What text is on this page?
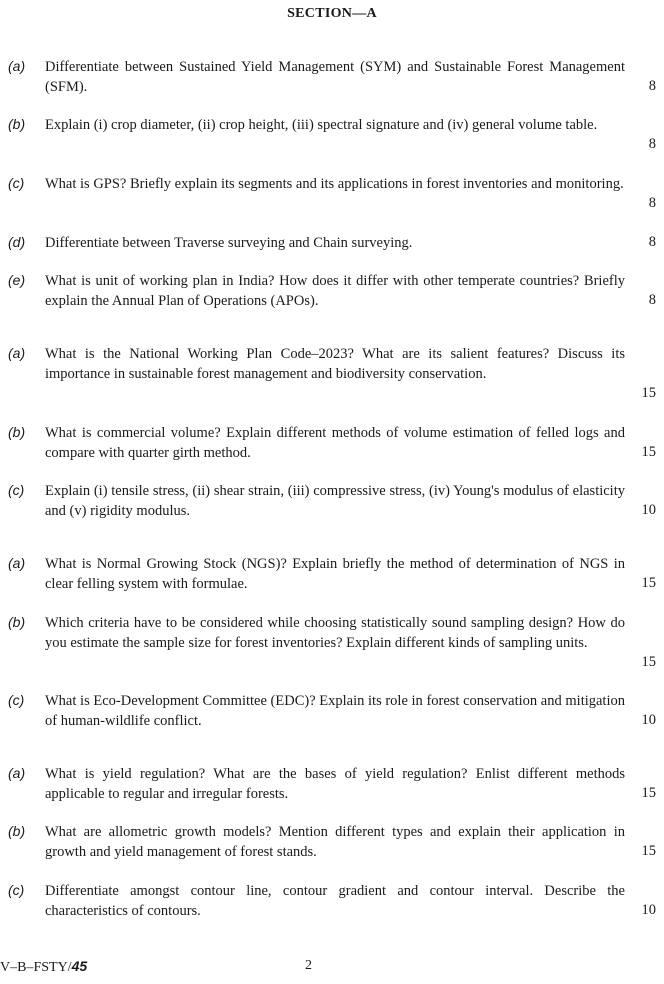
SECTION—A
(a) Differentiate between Sustained Yield Management (SYM) and Sustainable Forest Management (SFM).	8
(b) Explain (i) crop diameter, (ii) crop height, (iii) spectral signature and (iv) general volume table.
8
(c) What is GPS? Briefly explain its segments and its applications in forest inventories and monitoring.
8
(d) Differentiate between Traverse surveying and Chain surveying.	8
(e) What is unit of working plan in India? How does it differ with other temperate countries? Briefly explain the Annual Plan of Operations (APOs).	8
(a) What is the National Working Plan Code–2023? What are its salient features? Discuss its importance in sustainable forest management and biodiversity conservation.
15
(b) What is commercial volume? Explain different methods of volume estimation of felled logs and compare with quarter girth method.	15
(c) Explain (i) tensile stress, (ii) shear strain, (iii) compressive stress, (iv) Young's modulus of elasticity and (v) rigidity modulus.	10
(a) What is Normal Growing Stock (NGS)? Explain briefly the method of determination of NGS in clear felling system with formulae.	15
(b) Which criteria have to be considered while choosing statistically sound sampling design? How do you estimate the sample size for forest inventories? Explain different kinds of sampling units.
15
(c) What is Eco-Development Committee (EDC)? Explain its role in forest conservation and mitigation of human-wildlife conflict.	10
(a) What is yield regulation? What are the bases of yield regulation? Enlist different methods applicable to regular and irregular forests.	15
(b) What are allometric growth models? Mention different types and explain their application in growth and yield management of forest stands.	15
(c) Differentiate amongst contour line, contour gradient and contour interval. Describe the characteristics of contours.	10
V–B–FSTY/45	2
